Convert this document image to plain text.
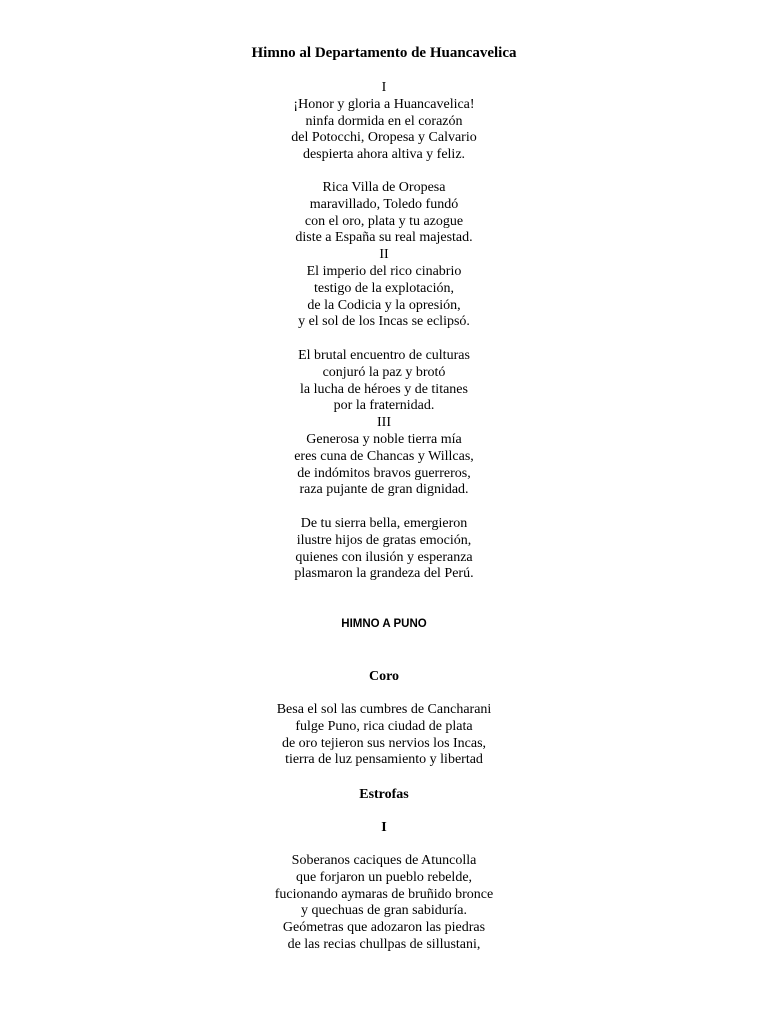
Himno al Departamento de Huancavelica
I
¡Honor y gloria a Huancavelica!
ninfa dormida en el corazón
del Potocchi, Oropesa y Calvario
despierta ahora altiva y feliz.
Rica Villa de Oropesa
maravillado, Toledo fundó
con el oro, plata y tu azogue
diste a España su real majestad.
II
El imperio del rico cinabrio
testigo de la explotación,
de la Codicia y la opresión,
y el sol de los Incas se eclipsó.
El brutal encuentro de culturas
conjuró la paz y brotó
la lucha de héroes y de titanes
por la fraternidad.
III
Generosa y noble tierra mía
eres cuna de Chancas y Willcas,
de indómitos bravos guerreros,
raza pujante de gran dignidad.
De tu sierra bella, emergieron
ilustre hijos de gratas emoción,
quienes con ilusión y esperanza
plasmaron la grandeza del Perú.
HIMNO A PUNO
Coro
Besa el sol las cumbres de Cancharani
fulge Puno, rica ciudad de plata
de oro tejieron sus nervios los Incas,
tierra de luz pensamiento y libertad
Estrofas
I
Soberanos caciques de Atuncolla
que forjaron un pueblo rebelde,
fucionando aymaras de bruñido bronce
y quechuas de gran sabiduría.
Geómetras que adozaron las piedras
de las recias chullpas de sillustani,
